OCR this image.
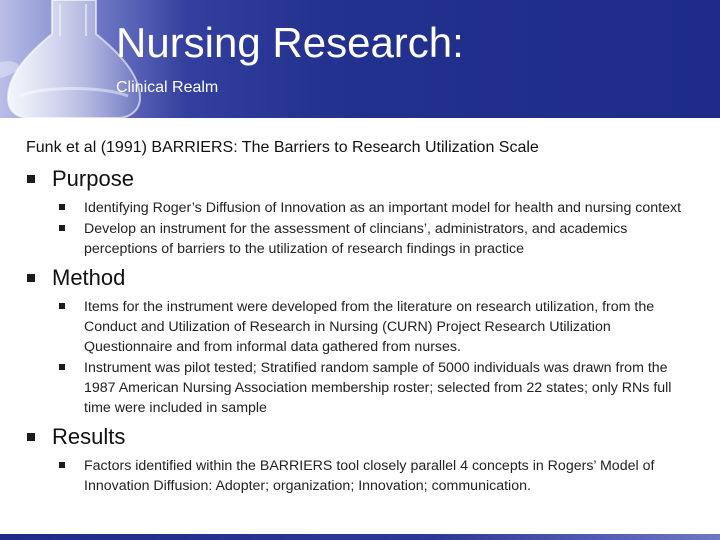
Nursing Research:
Clinical Realm
Funk et al (1991) BARRIERS: The Barriers to Research Utilization Scale
Purpose
Identifying Roger’s Diffusion of Innovation as an important model for health and nursing context
Develop an instrument for the assessment of clincians’, administrators, and academics perceptions of barriers to the utilization of research findings in practice
Method
Items for the instrument were developed from the literature on research utilization, from the Conduct and Utilization of Research in Nursing (CURN) Project Research Utilization Questionnaire and from informal data gathered from nurses.
Instrument was pilot tested; Stratified random sample of 5000 individuals was drawn from the 1987 American Nursing Association membership roster; selected from 22 states; only RNs full time were included in sample
Results
Factors identified within the BARRIERS tool closely parallel 4 concepts in Rogers’ Model of Innovation Diffusion: Adopter; organization; Innovation; communication.
